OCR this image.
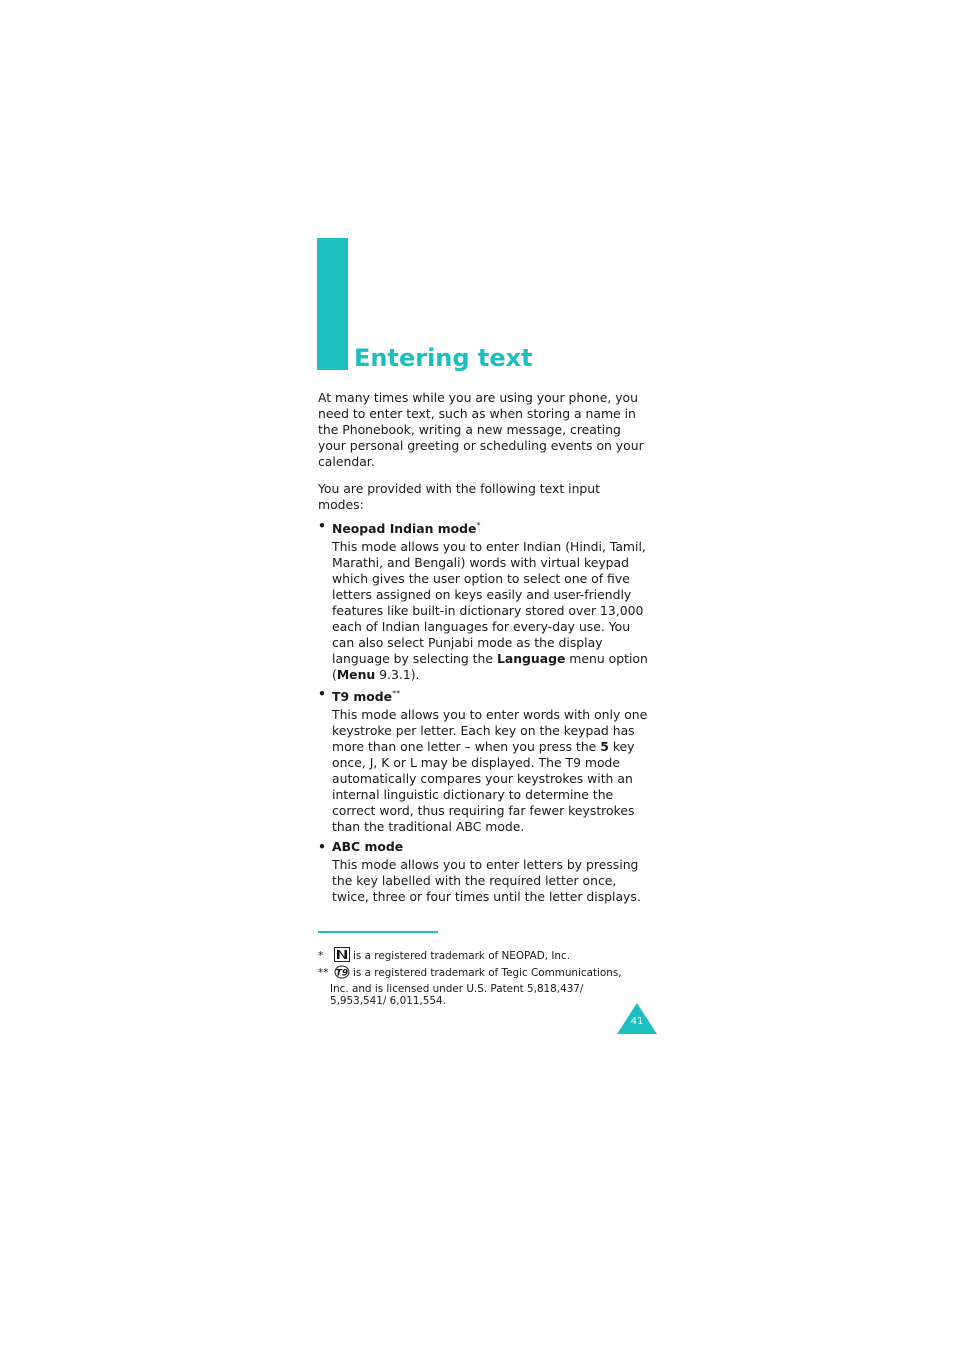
Entering text

At many times while you are using your phone, you need to enter text, such as when storing a name in the Phonebook, writing a new message, creating your personal greeting or scheduling events on your calendar.

You are provided with the following text input modes:

• Neopad Indian mode*
This mode allows you to enter Indian (Hindi, Tamil, Marathi, and Bengali) words with virtual keypad which gives the user option to select one of five letters assigned on keys easily and user-friendly features like built-in dictionary stored over 13,000 each of Indian languages for every-day use. You can also select Punjabi mode as the display language by selecting the Language menu option (Menu 9.3.1).
• T9 mode**
This mode allows you to enter words with only one keystroke per letter. Each key on the keypad has more than one letter – when you press the 5 key once, J, K or L may be displayed. The T9 mode automatically compares your keystrokes with an internal linguistic dictionary to determine the correct word, thus requiring far fewer keystrokes than the traditional ABC mode.
• ABC mode
This mode allows you to enter letters by pressing the key labelled with the required letter once, twice, three or four times until the letter displays.
*	is a registered trademark of NEOPAD, Inc.
** T9 is a registered trademark of Tegic Communications,
Inc. and is licensed under U.S. Patent 5,818,437/
5,953,541/ 6,011,554.
41
